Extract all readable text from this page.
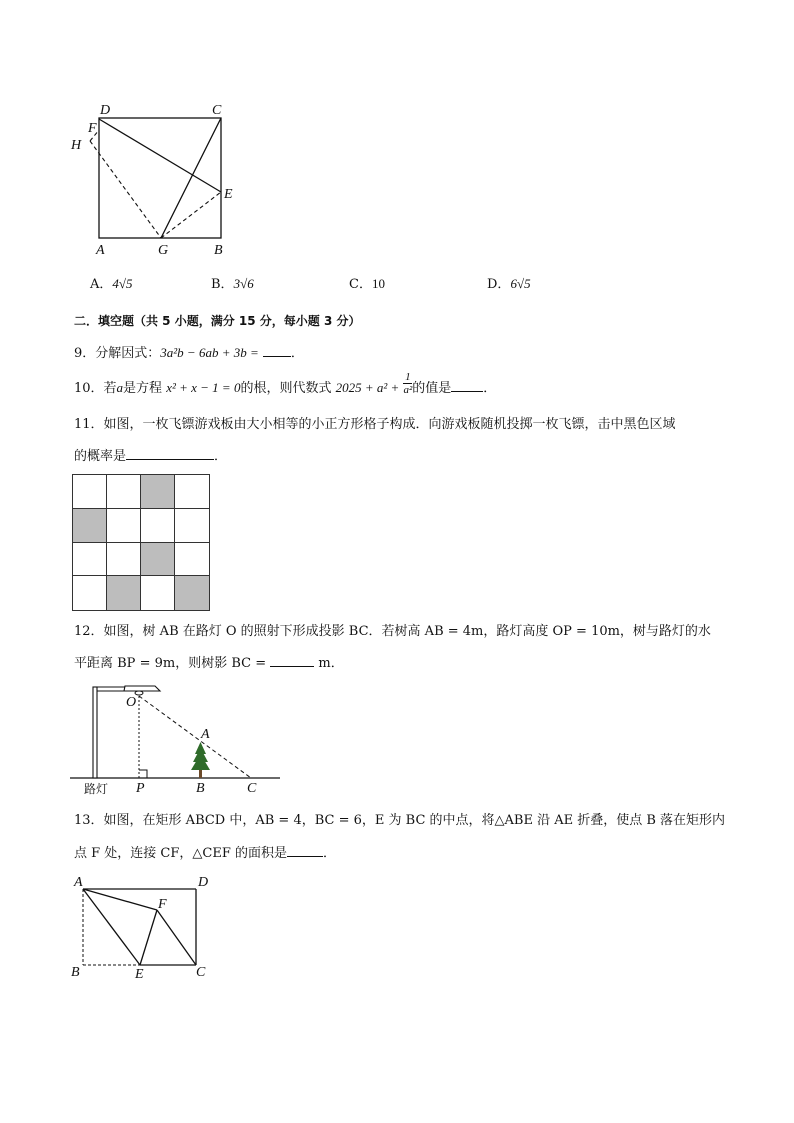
D	C
F
H
E
A	G	B
A．4√5	B．3√6	C．10	D．6√5
二．填空题（共 5 小题，满分 15 分，每小题 3 分）
9．分解因式：3a²b − 6ab + 3b = ．
10．若a是方程 x² + x − 1 = 0的根，则代数式 $2025 + a^2 + \frac{1}{\text{a²}}$ 的值是 ．
11．如图，一枚飞镖游戏板由大小相等的小正方形格子构成．向游戏板随机投掷一枚飞镖，击中黑色区域
的概率是	．
12．如图，树 AB 在路灯 O 的照射下形成投影 BC．若树高 AB = 4m，路灯高度 OP = 10m，树与路灯的水
平距离 BP = 9m，则树影 BC =	m．
O
A
P	B	C
路灯
13．如图，在矩形 ABCD 中，AB = 4，BC = 6，E 为 BC 的中点，将△ABE 沿 AE 折叠，使点 B 落在矩形内
点 F 处，连接 CF，△CEF 的面积是	．
A	D
F
B	E	C
